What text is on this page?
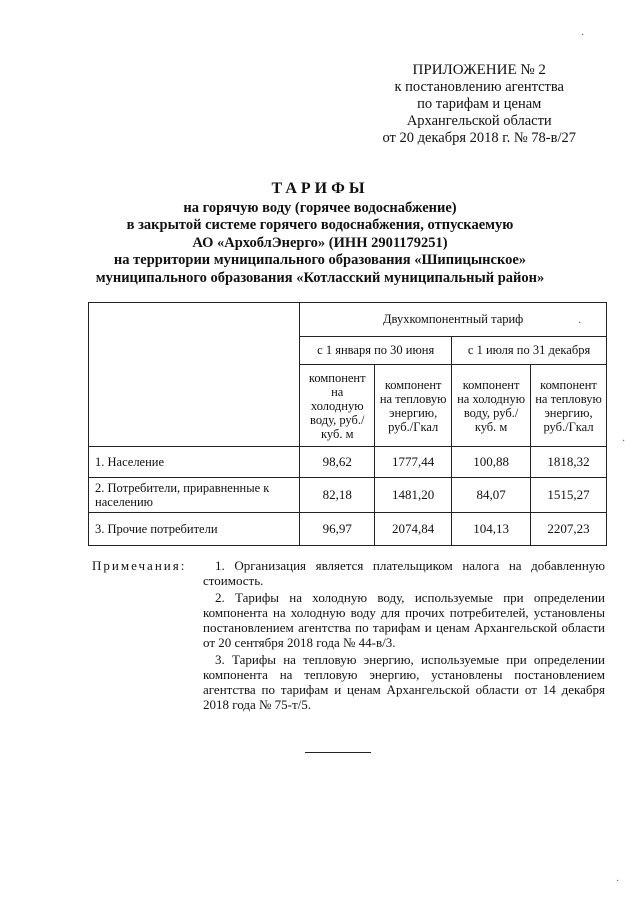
ПРИЛОЖЕНИЕ № 2
к постановлению агентства
по тарифам и ценам
Архангельской области
от 20 декабря 2018 г. № 78-в/27
ТАРИФЫ
на горячую воду (горячее водоснабжение)
в закрытой системе горячего водоснабжения, отпускаемую
АО «АрхоблЭнерго» (ИНН 2901179251)
на территории муниципального образования «Шипицынское»
муниципального образования «Котласский муниципальный район»
	Двухкомпонентный тариф			
	с 1 января по 30 июня		с 1 июля по 31 декабря	
	компонент на холодную воду, руб./куб. м	компонент на тепловую энергию, руб./Гкал	компонент на холодную воду, руб./куб. м	компонент на тепловую энергию, руб./Гкал
1. Население	98,62	1777,44	100,88	1818,32
2. Потребители, приравненные к населению	82,18	1481,20	84,07	1515,27
3. Прочие потребители	96,97	2074,84	104,13	2207,23
Примечания:	1. Организация является плательщиком налога на добавленную стоимость.

2. Тарифы на холодную воду, используемые при определении компонента на холодную воду для прочих потребителей, установлены постановлением агентства по тарифам и ценам Архангельской области от 20 сентября 2018 года № 44-в/3.

3. Тарифы на тепловую энергию, используемые при определении компонента на тепловую энергию, установлены постановлением агентства по тарифам и ценам Архангельской области от 14 декабря 2018 года № 75-т/5.

·
·
·
·
